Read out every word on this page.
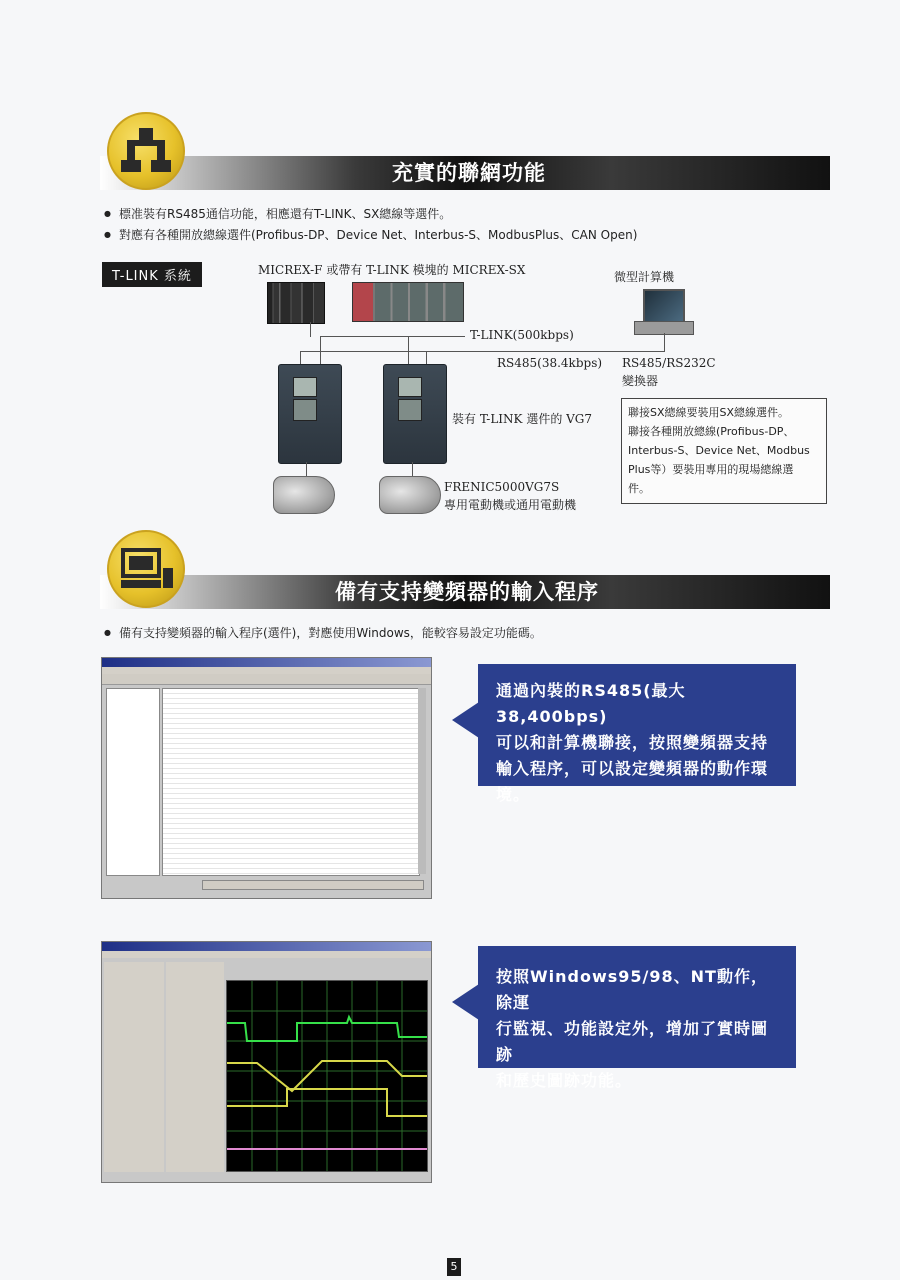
充實的聯網功能
● 標准裝有RS485通信功能，相應還有T-LINK、SX總線等選件。
● 對應有各種開放總線選件(Profibus-DP、Device Net、Interbus-S、ModbusPlus、CAN Open)
T-LINK 系統	MICREX-F 或帶有 T-LINK 模塊的 MICREX-SX	微型計算機
T-LINK(500kbps)
RS485(38.4kbps) RS485/RS232C
變換器
裝有 T-LINK 選件的 VG7
FRENIC5000VG7S
專用電動機或通用電動機
聯接SX總線要裝用SX總線選件。
聯接各種開放總線(Profibus-DP、
Interbus-S、Device Net、Modbus
Plus等）要裝用專用的現場總線選
件。
備有支持變頻器的輸入程序
● 備有支持變頻器的輸入程序(選件)，對應使用Windows，能較容易設定功能碼。
通過內裝的RS485(最大38,400bps)
可以和計算機聯接，按照變頻器支持
輸入程序，可以設定變頻器的動作環
境。
按照Windows95/98、NT動作，除運
行監視、功能設定外，增加了實時圖跡
和歷史圖跡功能。
5
